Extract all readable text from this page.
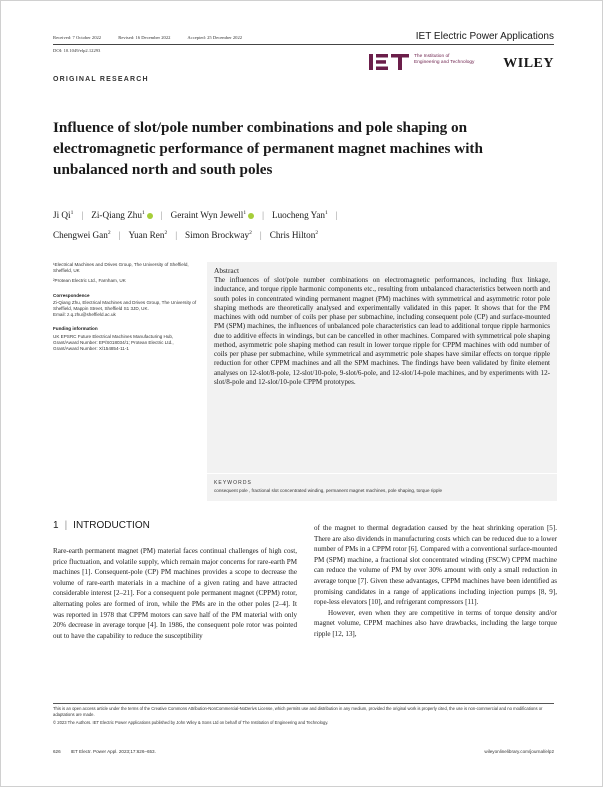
Received: 7 October 2022	Revised: 16 December 2022	Accepted: 25 December 2022	IET Electric Power Applications
DOI: 10.1049/elp2.12293
The Institution of
Engineering and Technology WILEY
ORIGINAL RESEARCH
Influence of slot/pole number combinations and pole shaping on electromagnetic performance of permanent magnet machines with unbalanced north and south poles
Ji Qi$^1$ | Zi-Qiang Zhu$^1$ | Geraint Wyn Jewell$^1$ | Luocheng Yan$^1$ |
Chengwei Gan$^2$ | Yuan Ren$^2$ | Simon Brockway$^2$ | Chris Hilton$^2$
¹Electrical Machines and Drives Group, The University of Sheffield, Sheffield, UK
²Protean Electric Ltd., Farnham, UK
Correspondence
Zi-Qiang Zhu, Electrical Machines and Drives Group, The University of Sheffield, Mappin Street, Sheffield S1 3JD, UK.
Email: z.q.zhu@sheffield.ac.uk
Funding information
UK EPSRC Future Electrical Machines Manufacturing Hub, Grant/Award Number: EP/S018034/1; Protean Electric Ltd., Grant/Award Number: X/154854-11-1
Abstract

The influences of slot/pole number combinations on electromagnetic performances, including flux linkage, inductance, and torque ripple harmonic components etc., resulting from unbalanced characteristics between north and south poles in concentrated winding permanent magnet (PM) machines with symmetrical and asymmetric rotor pole shaping methods are theoretically analysed and experimentally validated in this paper. It shows that for the PM machines with odd number of coils per phase per submachine, including consequent pole (CP) and surface-mounted PM (SPM) machines, the influences of unbalanced pole characteristics can lead to additional torque ripple harmonics due to additive effects in windings, but can be cancelled in other machines. Compared with symmetrical pole shaping method, asymmetric pole shaping method can result in lower torque ripple for CPPM machines with odd number of coils per phase per submachine, while symmetrical and asymmetric pole shapes have similar effects on torque ripple reduction for other CPPM machines and all the SPM machines. The findings have been validated by finite element analyses on 12-slot/8-pole, 12-slot/10-pole, 9-slot/6-pole, and 12-slot/14-pole machines, and by experiments with 12-slot/8-pole and 12-slot/10-pole CPPM prototypes.

KEYWORDS
consequent pole , fractional slot concentrated winding, permanent magnet machines, pole shaping, torque ripple
1 | INTRODUCTION

Rare-earth permanent magnet (PM) material faces continual challenges of high cost, price fluctuation, and volatile supply, which remain major concerns for rare-earth PM machines [1]. Consequent-pole (CP) PM machines provides a scope to decrease the volume of rare-earth materials in a machine of a given rating and have attracted considerable interest [2–21]. For a consequent pole permanent magnet (CPPM) rotor, alternating poles are formed of iron, while the PMs are in the other poles [2–4]. It was reported in 1978 that CPPM motors can save half of the PM material with only 20% decrease in average torque [4]. In 1986, the consequent pole rotor was pointed out to have the capability to reduce the susceptibility

of the magnet to thermal degradation caused by the heat shrinking operation [5]. There are also dividends in manufacturing costs which can be reduced due to a lower number of PMs in a CPPM rotor [6]. Compared with a conventional surface-mounted PM (SPM) machine, a fractional slot concentrated winding (FSCW) CPPM machine can reduce the volume of PM by over 30% amount with only a small reduction in average torque [7]. Given these advantages, CPPM machines have been identified as promising candidates in a range of applications including injection pumps [8, 9], rope-less elevators [10], and refrigerant compressors [11].

However, even when they are competitive in terms of torque density and/or magnet volume, CPPM machines also have drawbacks, including the large torque ripple [12, 13],

This is an open access article under the terms of the Creative Commons Attribution-NonCommercial-NoDerivs License, which permits use and distribution in any medium, provided the original work is properly cited, the use is non-commercial and no modifications or adaptations are made.
© 2023 The Authors. IET Electric Power Applications published by John Wiley & Sons Ltd on behalf of The Institution of Engineering and Technology.
626 IET Electr. Power Appl. 2023;17:626–653.	wileyonlinelibrary.com/journal/elp2
